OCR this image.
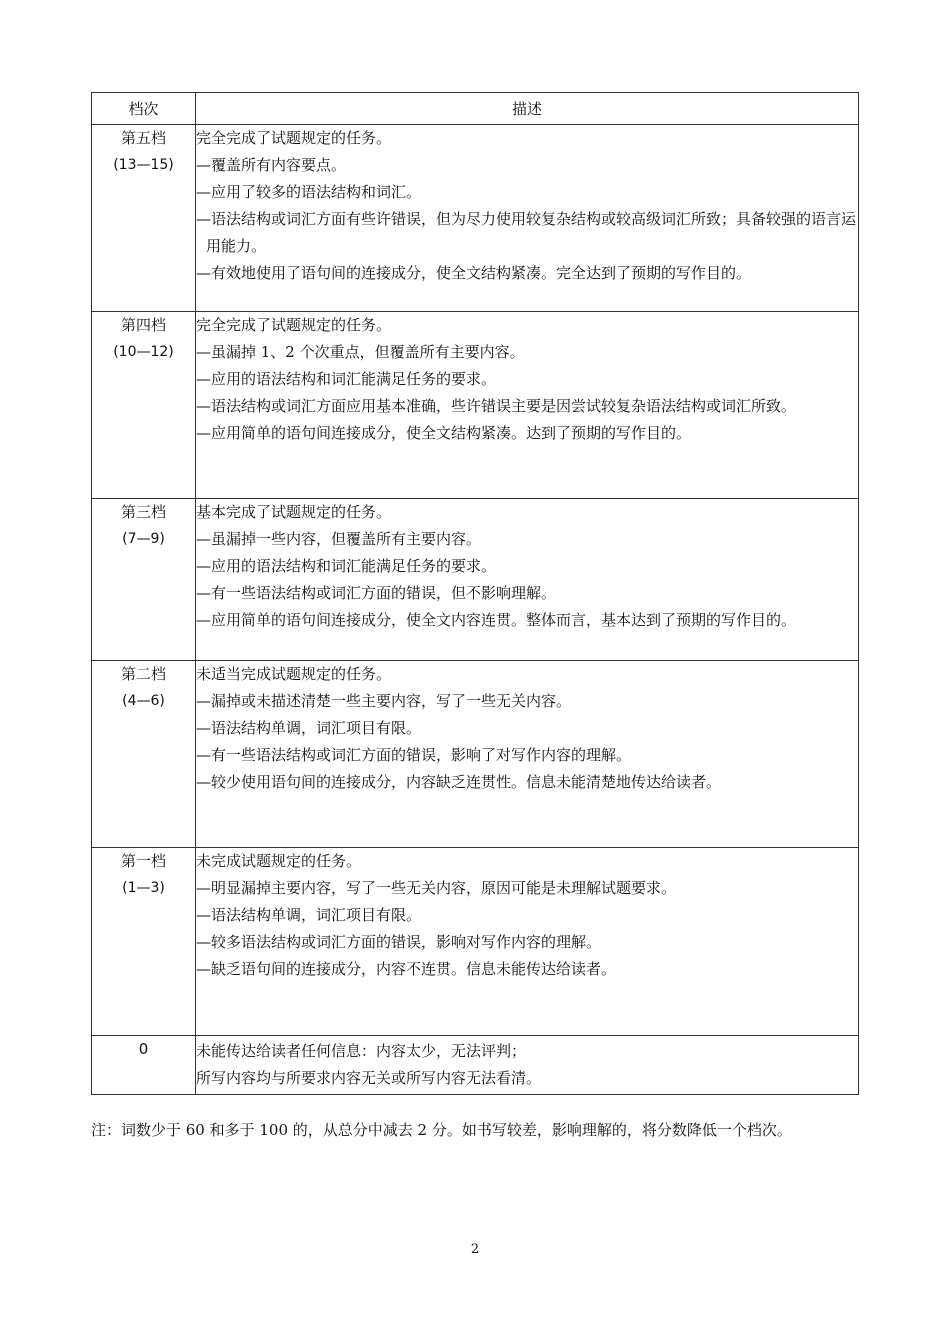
档次	描述

第五档
(13—15)	完全完成了试题规定的任务。
—覆盖所有内容要点。
—应用了较多的语法结构和词汇。
—语法结构或词汇方面有些许错误，但为尽力使用较复杂结构或较高级词汇所致；具备较强的语言运用能力。
—有效地使用了语句间的连接成分，使全文结构紧凑。完全达到了预期的写作目的。

第四档
(10—12)	完全完成了试题规定的任务。
—虽漏掉 1、2 个次重点，但覆盖所有主要内容。
—应用的语法结构和词汇能满足任务的要求。
—语法结构或词汇方面应用基本准确，些许错误主要是因尝试较复杂语法结构或词汇所致。
—应用简单的语句间连接成分，使全文结构紧凑。达到了预期的写作目的。

第三档
(7—9)	基本完成了试题规定的任务。
—虽漏掉一些内容，但覆盖所有主要内容。
—应用的语法结构和词汇能满足任务的要求。
—有一些语法结构或词汇方面的错误，但不影响理解。
—应用简单的语句间连接成分，使全文内容连贯。整体而言，基本达到了预期的写作目的。

第二档
(4—6)	未适当完成试题规定的任务。
—漏掉或未描述清楚一些主要内容，写了一些无关内容。
—语法结构单调，词汇项目有限。
—有一些语法结构或词汇方面的错误，影响了对写作内容的理解。
—较少使用语句间的连接成分，内容缺乏连贯性。信息未能清楚地传达给读者。

第一档
(1—3)	未完成试题规定的任务。
—明显漏掉主要内容，写了一些无关内容，原因可能是未理解试题要求。
—语法结构单调，词汇项目有限。
—较多语法结构或词汇方面的错误，影响对写作内容的理解。
—缺乏语句间的连接成分，内容不连贯。信息未能传达给读者。

0	未能传达给读者任何信息：内容太少，无法评判；
所写内容均与所要求内容无关或所写内容无法看清。
注：词数少于 60 和多于 100 的，从总分中减去 2 分。如书写较差，影响理解的，将分数降低一个档次。
2
